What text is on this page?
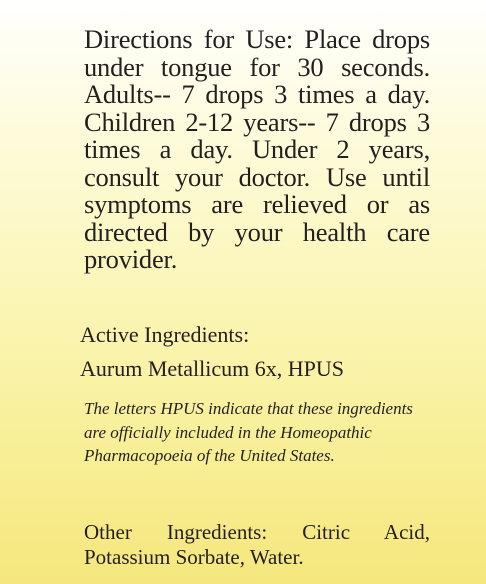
Directions for Use: Place drops under tongue for 30 seconds. Adults-- 7 drops 3 times a day. Children 2-12 years-- 7 drops 3 times a day. Under 2 years, consult your doctor. Use until symptoms are relieved or as directed by your health care provider.

Active Ingredients:
Aurum Metallicum 6x, HPUS

The letters HPUS indicate that these ingredients are officially included in the Homeopathic Pharmacopoeia of the United States.

Other Ingredients: Citric Acid, Potassium Sorbate, Water.
